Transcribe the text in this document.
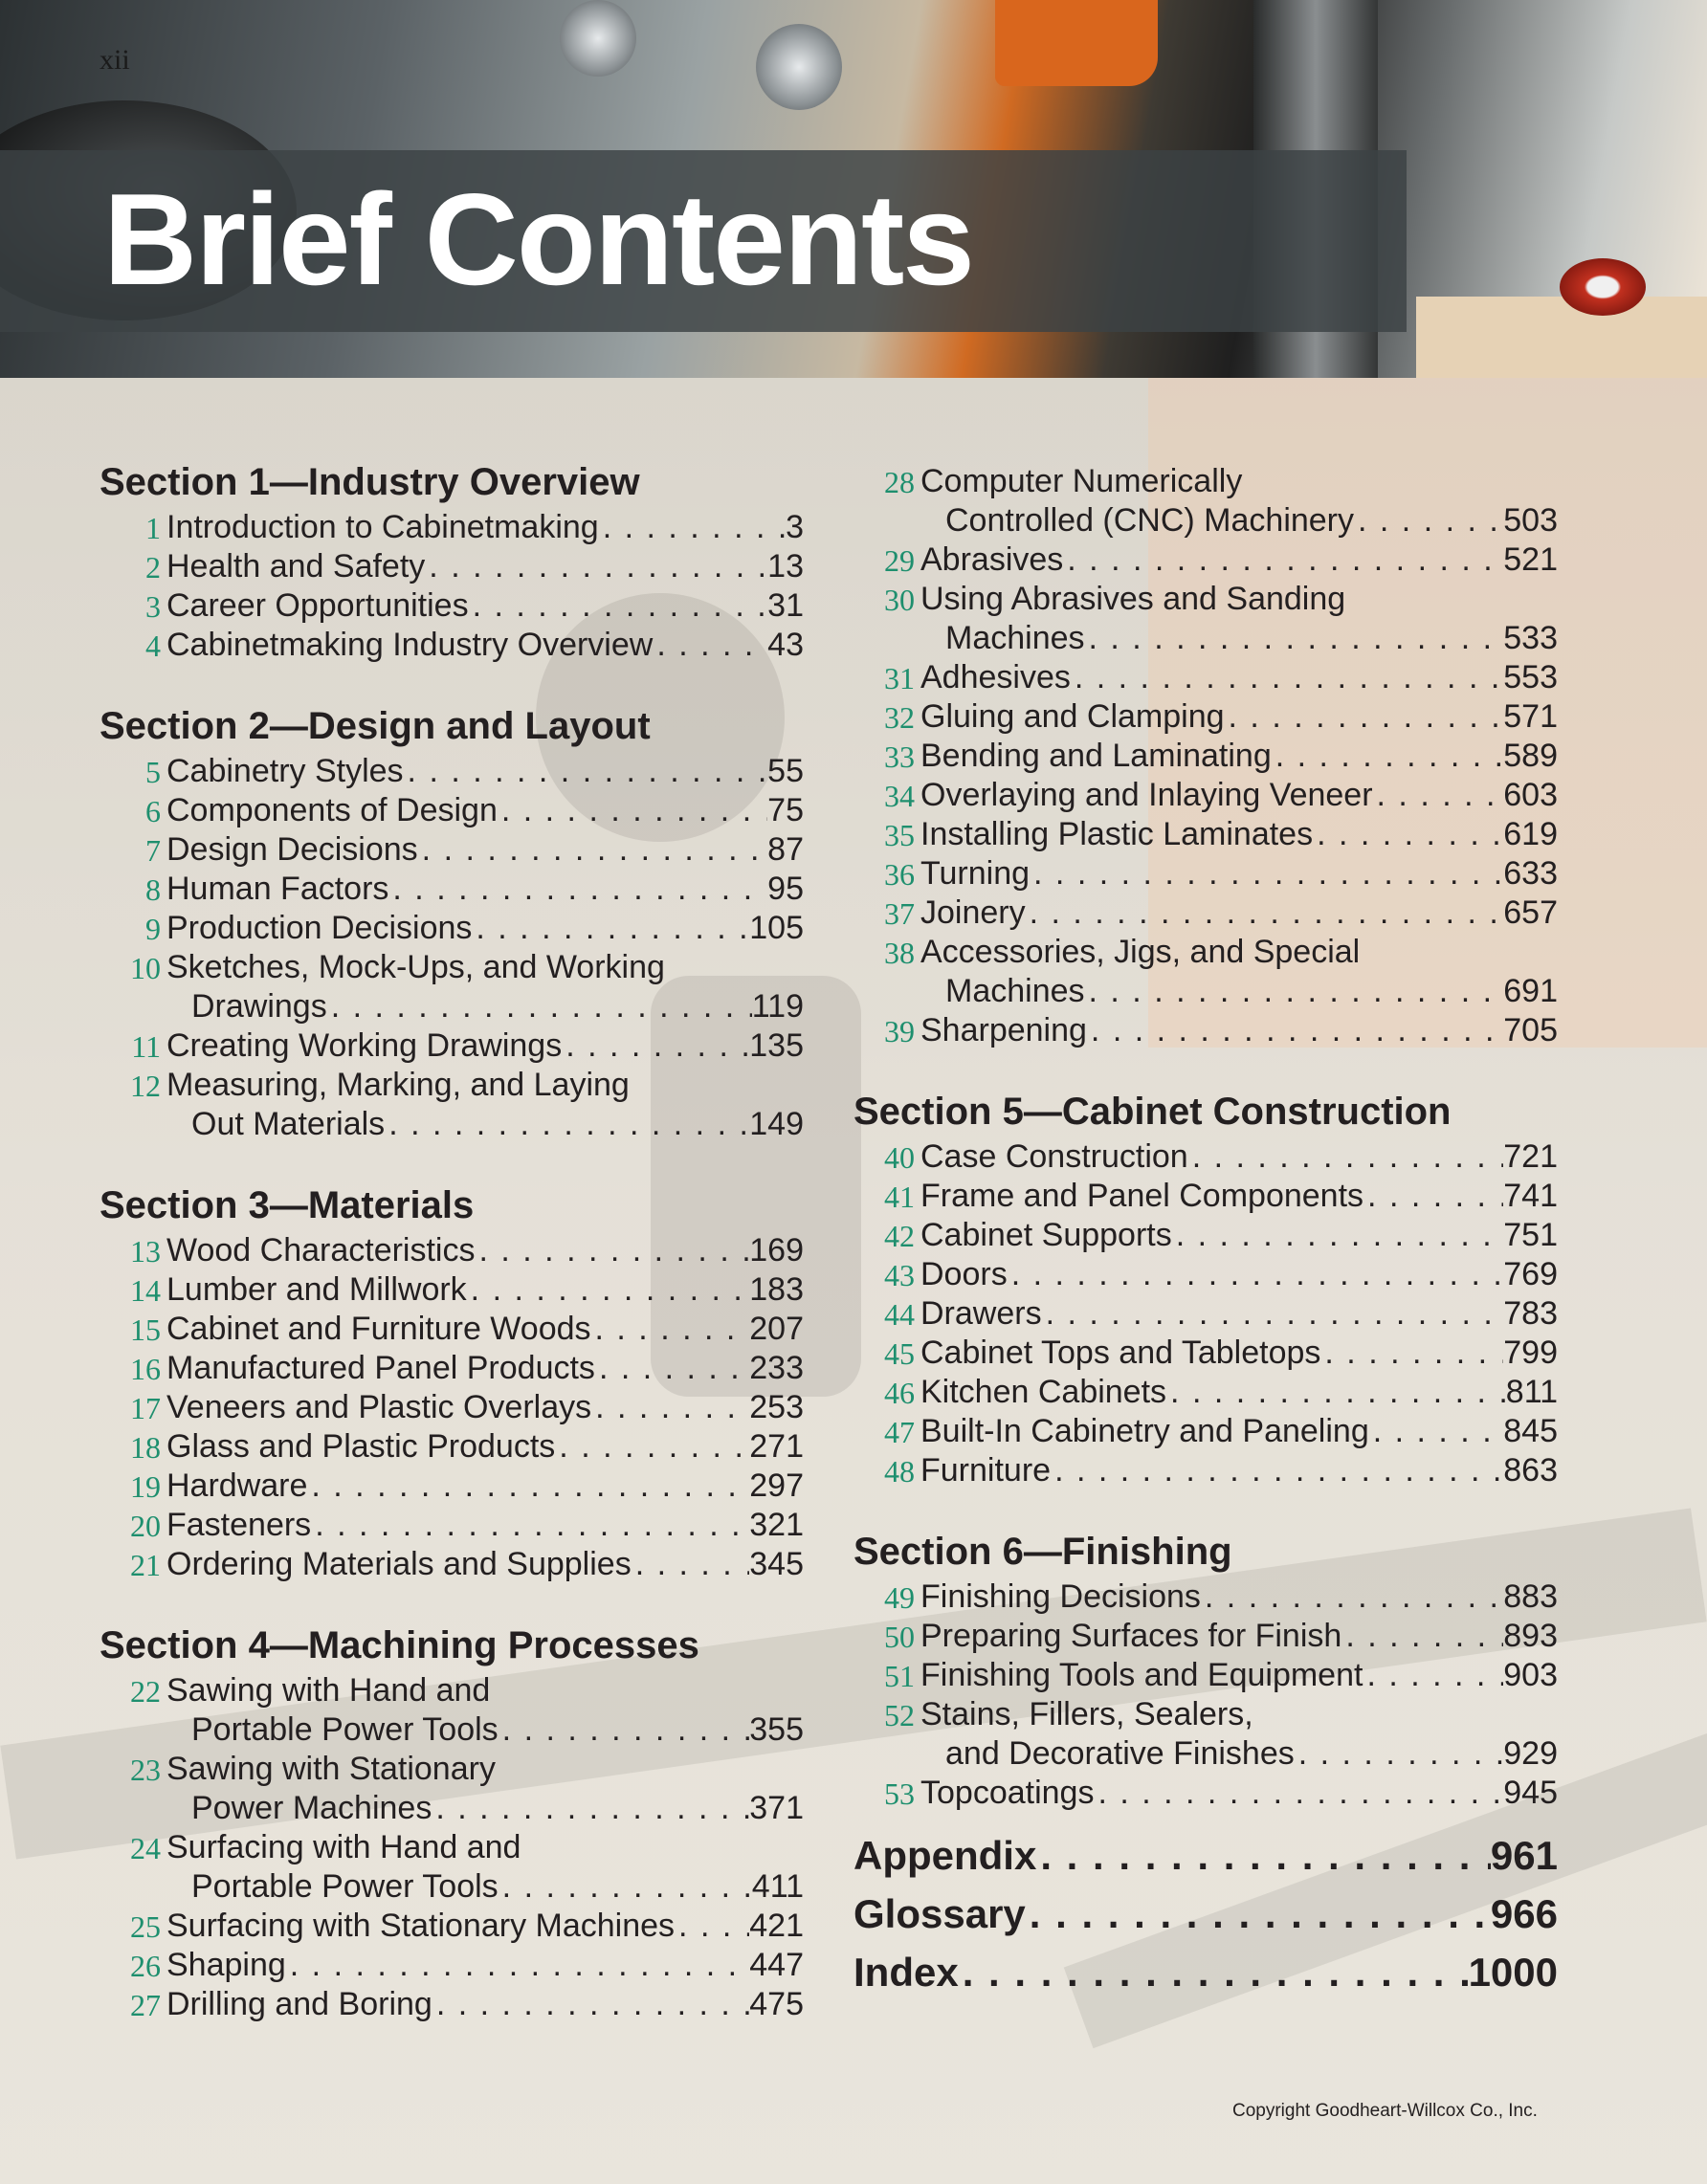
xii
Brief Contents
Section 1—Industry Overview
1 Introduction to Cabinetmaking . . .	3
2 Health and Safety . . .	13
3 Career Opportunities . . .	31
4 Cabinetmaking Industry Overview . . .	43
Section 2—Design and Layout
5 Cabinetry Styles . . .	55
6 Components of Design . . .	75
7 Design Decisions . . .	87
8 Human Factors . . .	95
9 Production Decisions . . .	105
10 Sketches, Mock-Ups, and Working
Drawings . . .	119
11 Creating Working Drawings . . .	135
12 Measuring, Marking, and Laying
Out Materials . . .	149
Section 3—Materials
13 Wood Characteristics . . .	169
14 Lumber and Millwork . . .	183
15 Cabinet and Furniture Woods . . .	207
16 Manufactured Panel Products . . .	233
17 Veneers and Plastic Overlays . . .	253
18 Glass and Plastic Products . . .	271
19 Hardware . . .	297
20 Fasteners . . .	321
21 Ordering Materials and Supplies . . .	345
Section 4—Machining Processes
22 Sawing with Hand and
Portable Power Tools . . .	355
23 Sawing with Stationary
Power Machines . . .	371
24 Surfacing with Hand and
Portable Power Tools . . .	411
25 Surfacing with Stationary Machines . . . 421
26 Shaping . . .	447
27 Drilling and Boring . . .	475
28 Computer Numerically
Controlled (CNC) Machinery . . .	503
29 Abrasives . . .	521
30 Using Abrasives and Sanding
Machines . . .	533
31 Adhesives . . .	553
32 Gluing and Clamping . . .	571
33 Bending and Laminating . . .	589
34 Overlaying and Inlaying Veneer . . .	603
35 Installing Plastic Laminates . . .	619
36 Turning . . .	633
37 Joinery . . .	657
38 Accessories, Jigs, and Special
Machines . . .	691
39 Sharpening . . .	705
Section 5—Cabinet Construction
40 Case Construction . . .	721
41 Frame and Panel Components . . .	741
42 Cabinet Supports . . .	751
43 Doors . . .	769
44 Drawers . . .	783
45 Cabinet Tops and Tabletops . . .	799
46 Kitchen Cabinets . . .	811
47 Built-In Cabinetry and Paneling . . .	845
48 Furniture . . .	863
Section 6—Finishing
49 Finishing Decisions . . .	883
50 Preparing Surfaces for Finish . . .	893
51 Finishing Tools and Equipment . . .	903
52 Stains, Fillers, Sealers,
and Decorative Finishes . . .	929
53 Topcoatings . . .	945
Appendix . . .	961
Glossary . . .	966
Index . . .	1000
Copyright Goodheart-Willcox Co., Inc.
